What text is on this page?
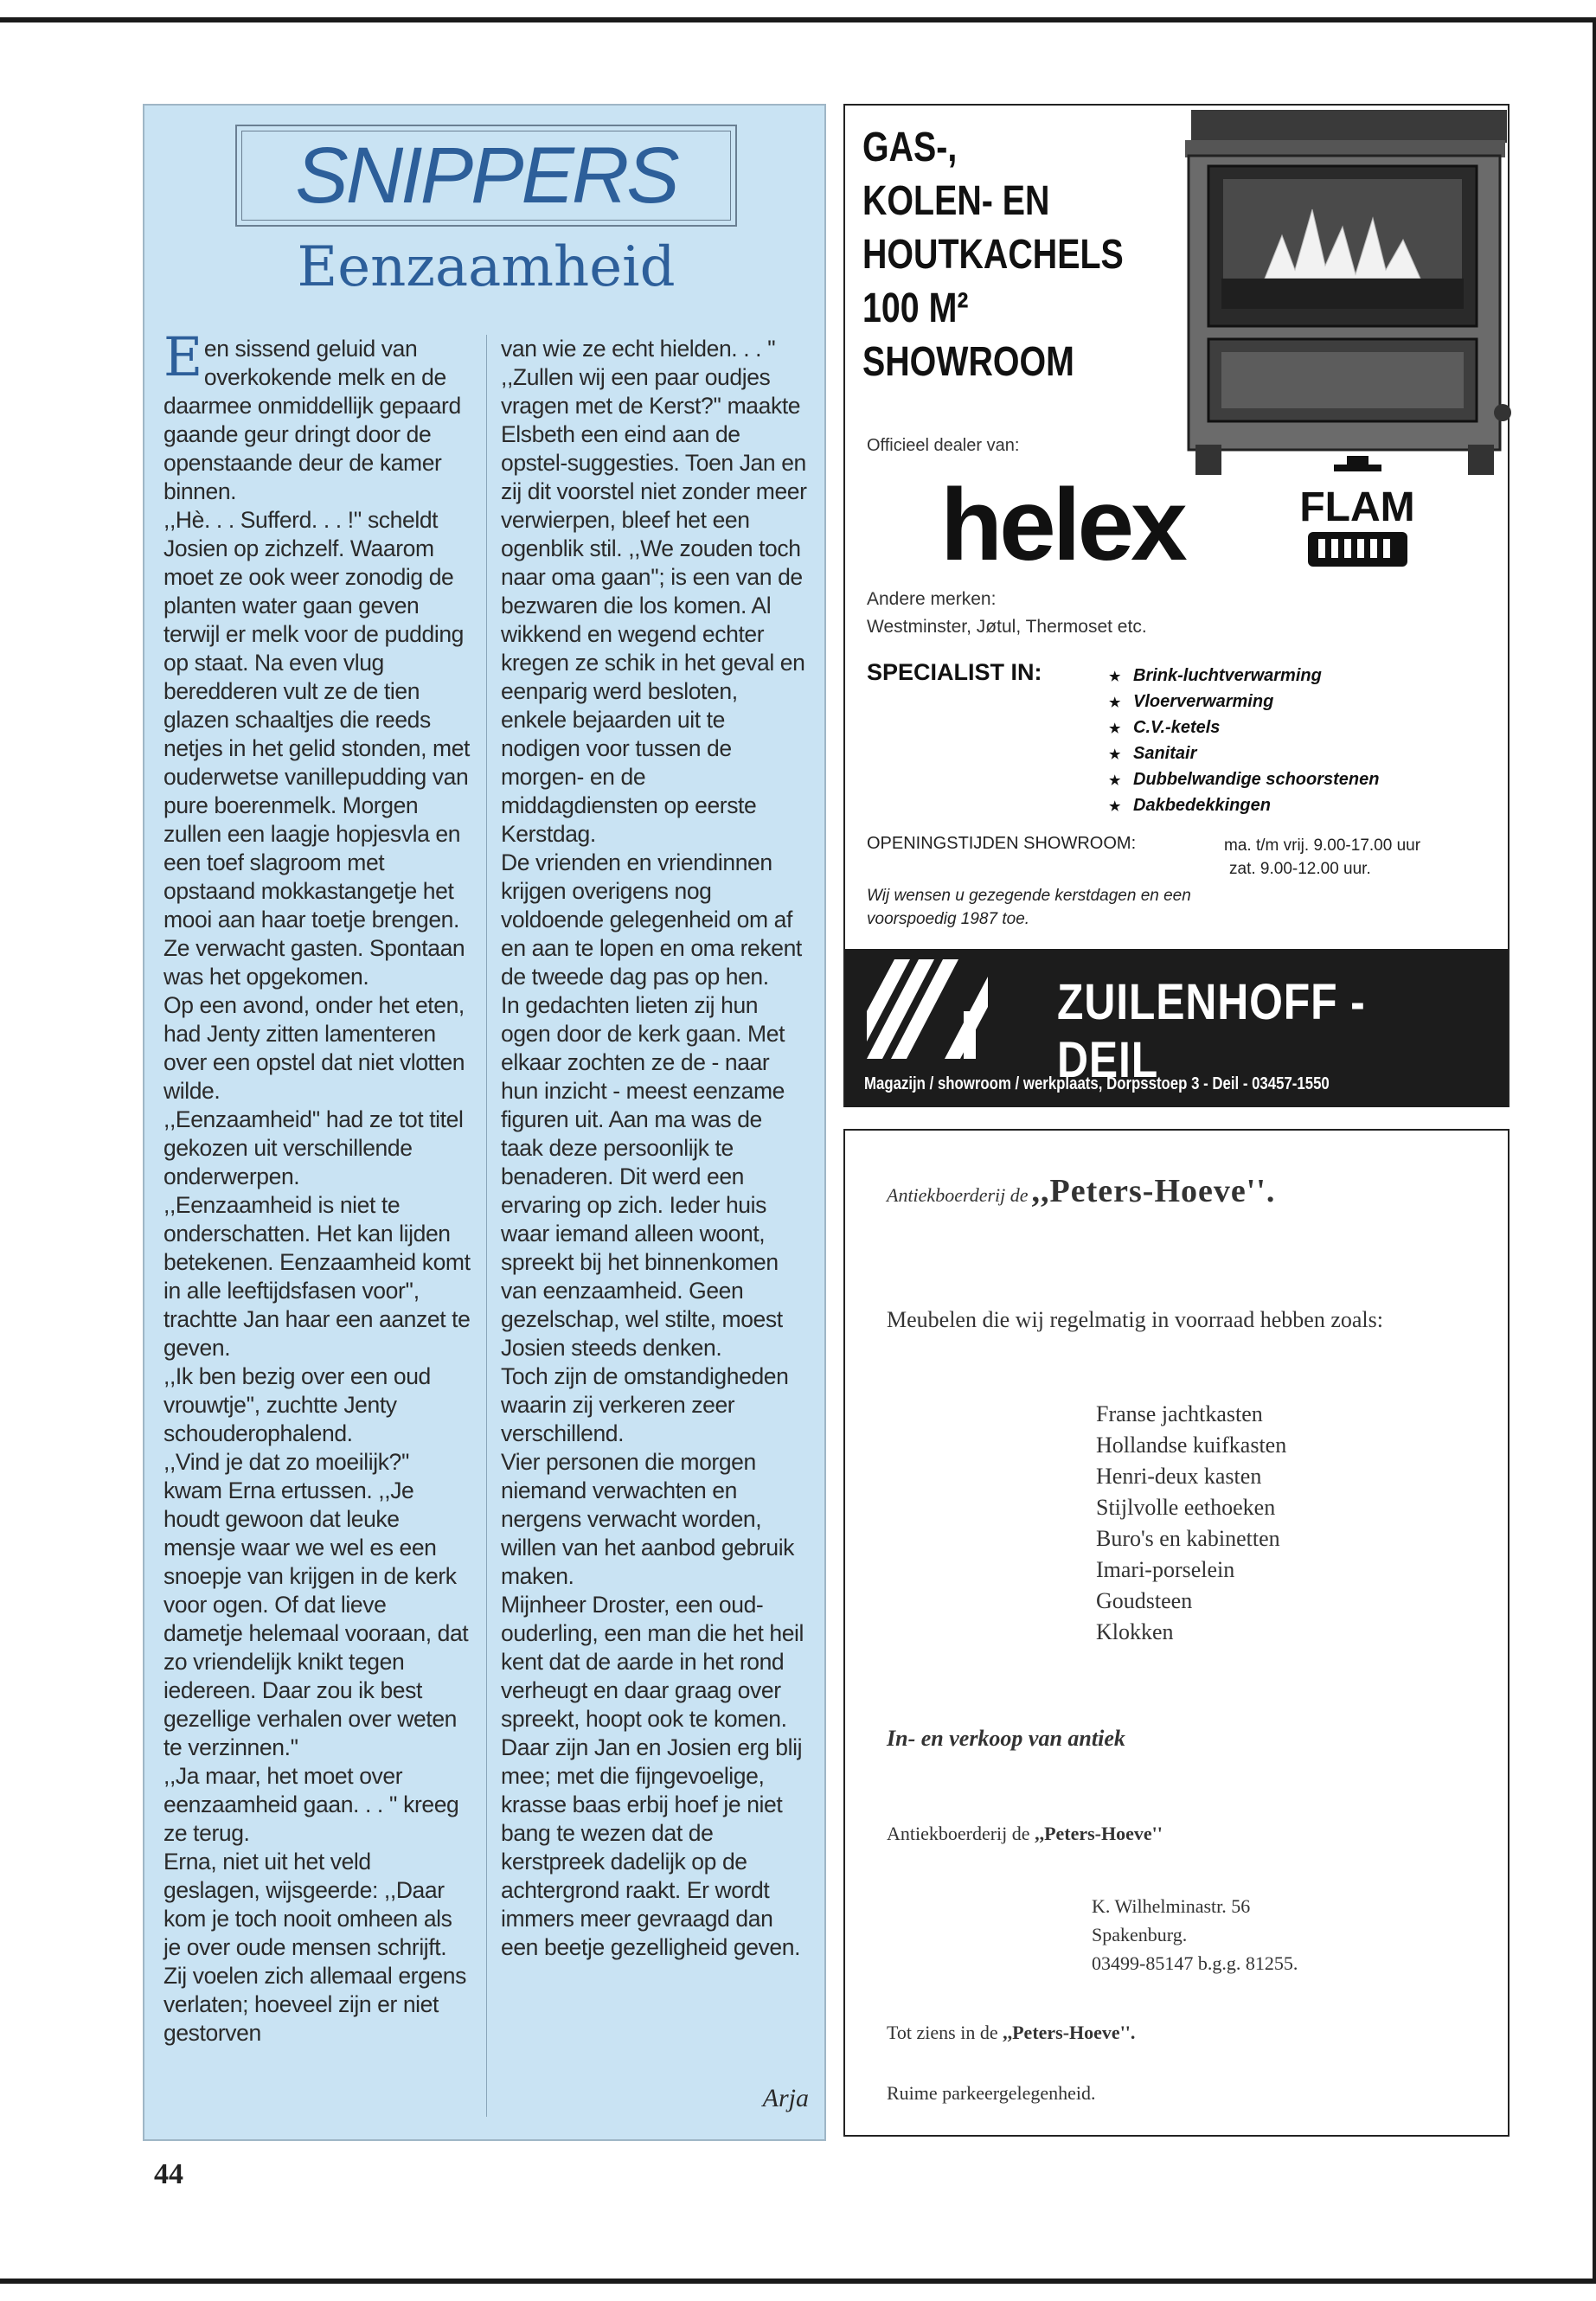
SNIPPERS
Eenzaamheid

Een sissend geluid van overkokende melk en de daarmee onmiddellijk gepaard gaande geur dringt door de openstaande deur de kamer binnen.

,,Hè. . . Sufferd. . . !'' scheldt Josien op zichzelf. Waarom moet ze ook weer zonodig de planten water gaan geven terwijl er melk voor de pudding op staat. Na even vlug beredderen vult ze de tien glazen schaaltjes die reeds netjes in het gelid stonden, met ouderwetse vanillepudding van pure boerenmelk. Morgen zullen een laagje hopjesvla en een toef slagroom met opstaand mokkastangetje het mooi aan haar toetje brengen. Ze verwacht gasten. Spontaan was het opgekomen.

Op een avond, onder het eten, had Jenty zitten lamenteren over een opstel dat niet vlotten wilde.

,,Eenzaamheid'' had ze tot titel gekozen uit verschillende onderwerpen.

,,Eenzaamheid is niet te onderschatten. Het kan lijden betekenen. Eenzaamheid komt in alle leeftijdsfasen voor'', trachtte Jan haar een aanzet te geven.

,,Ik ben bezig over een oud vrouwtje'', zuchtte Jenty schouderophalend.

,,Vind je dat zo moeilijk?'' kwam Erna ertussen. ,,Je houdt gewoon dat leuke mensje waar we wel es een snoepje van krijgen in de kerk voor ogen. Of dat lieve dametje helemaal vooraan, dat zo vriendelijk knikt tegen iedereen. Daar zou ik best gezellige verhalen over weten te verzinnen.''

,,Ja maar, het moet over eenzaamheid gaan. . . '' kreeg ze terug.

Erna, niet uit het veld geslagen, wijsgeerde: ,,Daar kom je toch nooit omheen als je over oude mensen schrijft. Zij voelen zich allemaal ergens verlaten; hoeveel zijn er niet gestorven

van wie ze echt hielden. . . ''

,,Zullen wij een paar oudjes vragen met de Kerst?'' maakte Elsbeth een eind aan de opstel-suggesties. Toen Jan en zij dit voorstel niet zonder meer verwierpen, bleef het een ogenblik stil. ,,We zouden toch naar oma gaan''; is een van de bezwaren die los komen. Al wikkend en wegend echter kregen ze schik in het geval en eenparig werd besloten, enkele bejaarden uit te nodigen voor tussen de morgen- en de middagdiensten op eerste Kerstdag.

De vrienden en vriendinnen krijgen overigens nog voldoende gelegenheid om af en aan te lopen en oma rekent de tweede dag pas op hen.

In gedachten lieten zij hun ogen door de kerk gaan. Met elkaar zochten ze de - naar hun inzicht - meest eenzame figuren uit. Aan ma was de taak deze persoonlijk te benaderen. Dit werd een ervaring op zich. Ieder huis waar iemand alleen woont, spreekt bij het binnenkomen van eenzaamheid. Geen gezelschap, wel stilte, moest Josien steeds denken.

Toch zijn de omstandigheden waarin zij verkeren zeer verschillend.

Vier personen die morgen niemand verwachten en nergens verwacht worden, willen van het aanbod gebruik maken.

Mijnheer Droster, een oud-ouderling, een man die het heil kent dat de aarde in het rond verheugt en daar graag over spreekt, hoopt ook te komen.

Daar zijn Jan en Josien erg blij mee; met die fijngevoelige, krasse baas erbij hoef je niet bang te wezen dat de kerstpreek dadelijk op de achtergrond raakt. Er wordt immers meer gevraagd dan een beetje gezelligheid geven.

Arja
44
GAS-,
KOLEN- EN
HOUTKACHELS
100 M²
SHOWROOM
Officieel dealer van:
helex	FLAM
Andere merken:
Westminster, Jøtul, Thermoset etc.
SPECIALIST IN:
★	Brink-luchtverwarming
★ Vloerverwarming
★ C.V.-ketels
★ Sanitair
★ Dubbelwandige schoorstenen
★ Dakbedekkingen
OPENINGSTIJDEN SHOWROOM:	ma. t/m vrij. 9.00-17.00 uur
zat. 9.00-12.00 uur.
Wij wensen u gezegende kerstdagen en een voorspoedig 1987 toe.
ZUILENHOFF - DEIL
Magazijn / showroom / werkplaats, Dorpsstoep 3 - Deil - 03457-1550
Antiekboerderij de ,,Peters-Hoeve''.
Meubelen die wij regelmatig in voorraad hebben zoals:
Franse jachtkasten
Hollandse kuifkasten
Henri-deux kasten
Stijlvolle eethoeken
Buro's en kabinetten
Imari-porselein
Goudsteen
Klokken
In- en verkoop van antiek
Antiekboerderij de ,,Peters-Hoeve''
K. Wilhelminastr. 56
Spakenburg.
03499-85147 b.g.g. 81255.
Tot ziens in de ,,Peters-Hoeve''.
Ruime parkeergelegenheid.
